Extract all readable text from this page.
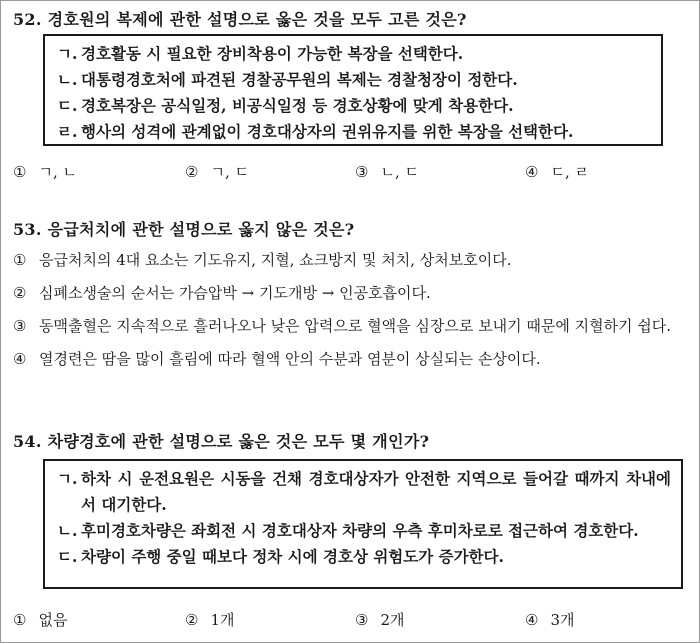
52. 경호원의 복제에 관한 설명으로 옳은 것을 모두 고른 것은?
ㄱ. 경호활동 시 필요한 장비착용이 가능한 복장을 선택한다.
ㄴ. 대통령경호처에 파견된 경찰공무원의 복제는 경찰청장이 정한다.
ㄷ. 경호복장은 공식일정, 비공식일정 등 경호상황에 맞게 착용한다.
ㄹ. 행사의 성격에 관계없이 경호대상자의 권위유지를 위한 복장을 선택한다.
① ㄱ, ㄴ	② ㄱ, ㄷ	③ ㄴ, ㄷ	④ ㄷ, ㄹ
53. 응급처치에 관한 설명으로 옳지 않은 것은?
① 응급처치의 4대 요소는 기도유지, 지혈, 쇼크방지 및 처치, 상처보호이다.
② 심폐소생술의 순서는 가슴압박 → 기도개방 → 인공호흡이다.
③ 동맥출혈은 지속적으로 흘러나오나 낮은 압력으로 혈액을 심장으로 보내기 때문에 지혈하기 쉽다.
④ 열경련은 땀을 많이 흘림에 따라 혈액 안의 수분과 염분이 상실되는 손상이다.
54. 차량경호에 관한 설명으로 옳은 것은 모두 몇 개인가?
ㄱ. 하차 시 운전요원은 시동을 건채 경호대상자가 안전한 지역으로 들어갈 때까지 차내에서 대기한다.
ㄴ. 후미경호차량은 좌회전 시 경호대상자 차량의 우측 후미차로로 접근하여 경호한다.
ㄷ. 차량이 주행 중일 때보다 정차 시에 경호상 위험도가 증가한다.
① 없음	② 1개	③ 2개	④ 3개
